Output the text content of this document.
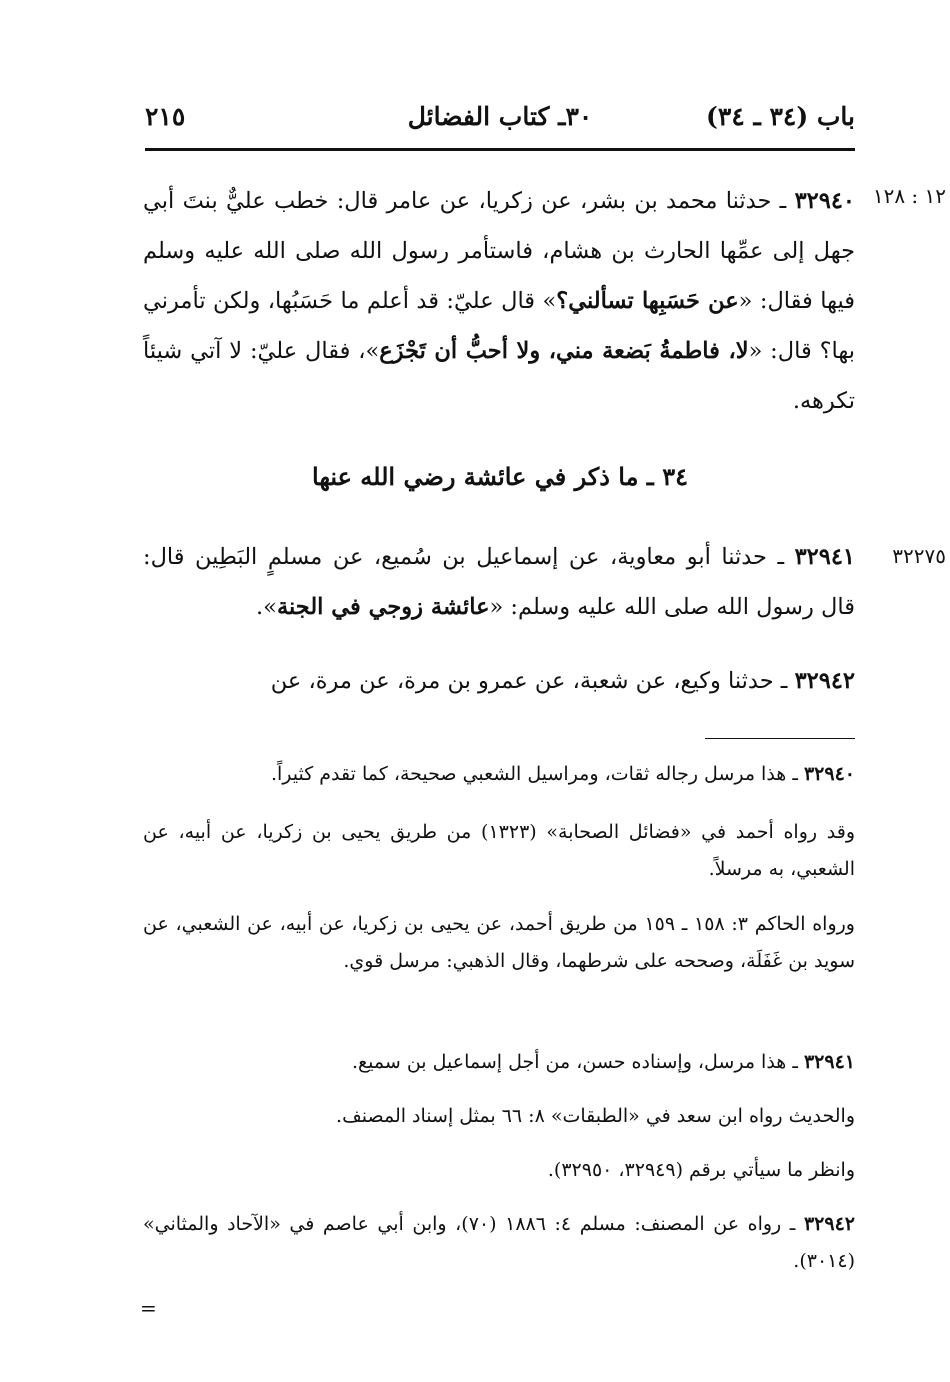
باب (٣٤ ـ ٣٤)
٣٠ـ كتاب الفضائل
٢١٥
١٢ : ١٢٨
٣٢٩٤٠ ـ حدثنا محمد بن بشر، عن زكريا، عن عامر قال: خطب عليٌّ بنتَ أبي جهل إلى عمِّها الحارث بن هشام، فاستأمر رسول الله صلى الله عليه وسلم فيها فقال: «عن حَسَبِها تسألني؟» قال عليّ: قد أعلم ما حَسَبُها، ولكن تأمرني بها؟ قال: «لا، فاطمةُ بَضعة مني، ولا أحبُّ أن تَجْزَع»، فقال عليّ: لا آتي شيئاً تكرهه.
٣٤ ـ ما ذكر في عائشة رضي الله عنها
٣٢٢٧٥
٣٢٩٤١ ـ حدثنا أبو معاوية، عن إسماعيل بن سُميع، عن مسلمٍ البَطِين قال: قال رسول الله صلى الله عليه وسلم: «عائشة زوجي في الجنة».
٣٢٩٤٢ ـ حدثنا وكيع، عن شعبة، عن عمرو بن مرة، عن مرة، عن
٣٢٩٤٠ ـ هذا مرسل رجاله ثقات، ومراسيل الشعبي صحيحة، كما تقدم كثيراً.
وقد رواه أحمد في «فضائل الصحابة» (١٣٢٣) من طريق يحيى بن زكريا، عن أبيه، عن الشعبي، به مرسلاً.
ورواه الحاكم ٣: ١٥٨ ـ ١٥٩ من طريق أحمد، عن يحيى بن زكريا، عن أبيه، عن الشعبي، عن سويد بن غَفَلَة، وصححه على شرطهما، وقال الذهبي: مرسل قوي.
٣٢٩٤١ ـ هذا مرسل، وإسناده حسن، من أجل إسماعيل بن سميع.
والحديث رواه ابن سعد في «الطبقات» ٨: ٦٦ بمثل إسناد المصنف.
وانظر ما سيأتي برقم (٣٢٩٤٩، ٣٢٩٥٠).
٣٢٩٤٢ ـ رواه عن المصنف: مسلم ٤: ١٨٨٦ (٧٠)، وابن أبي عاصم في «الآحاد والمثاني» (٣٠١٤).
=
